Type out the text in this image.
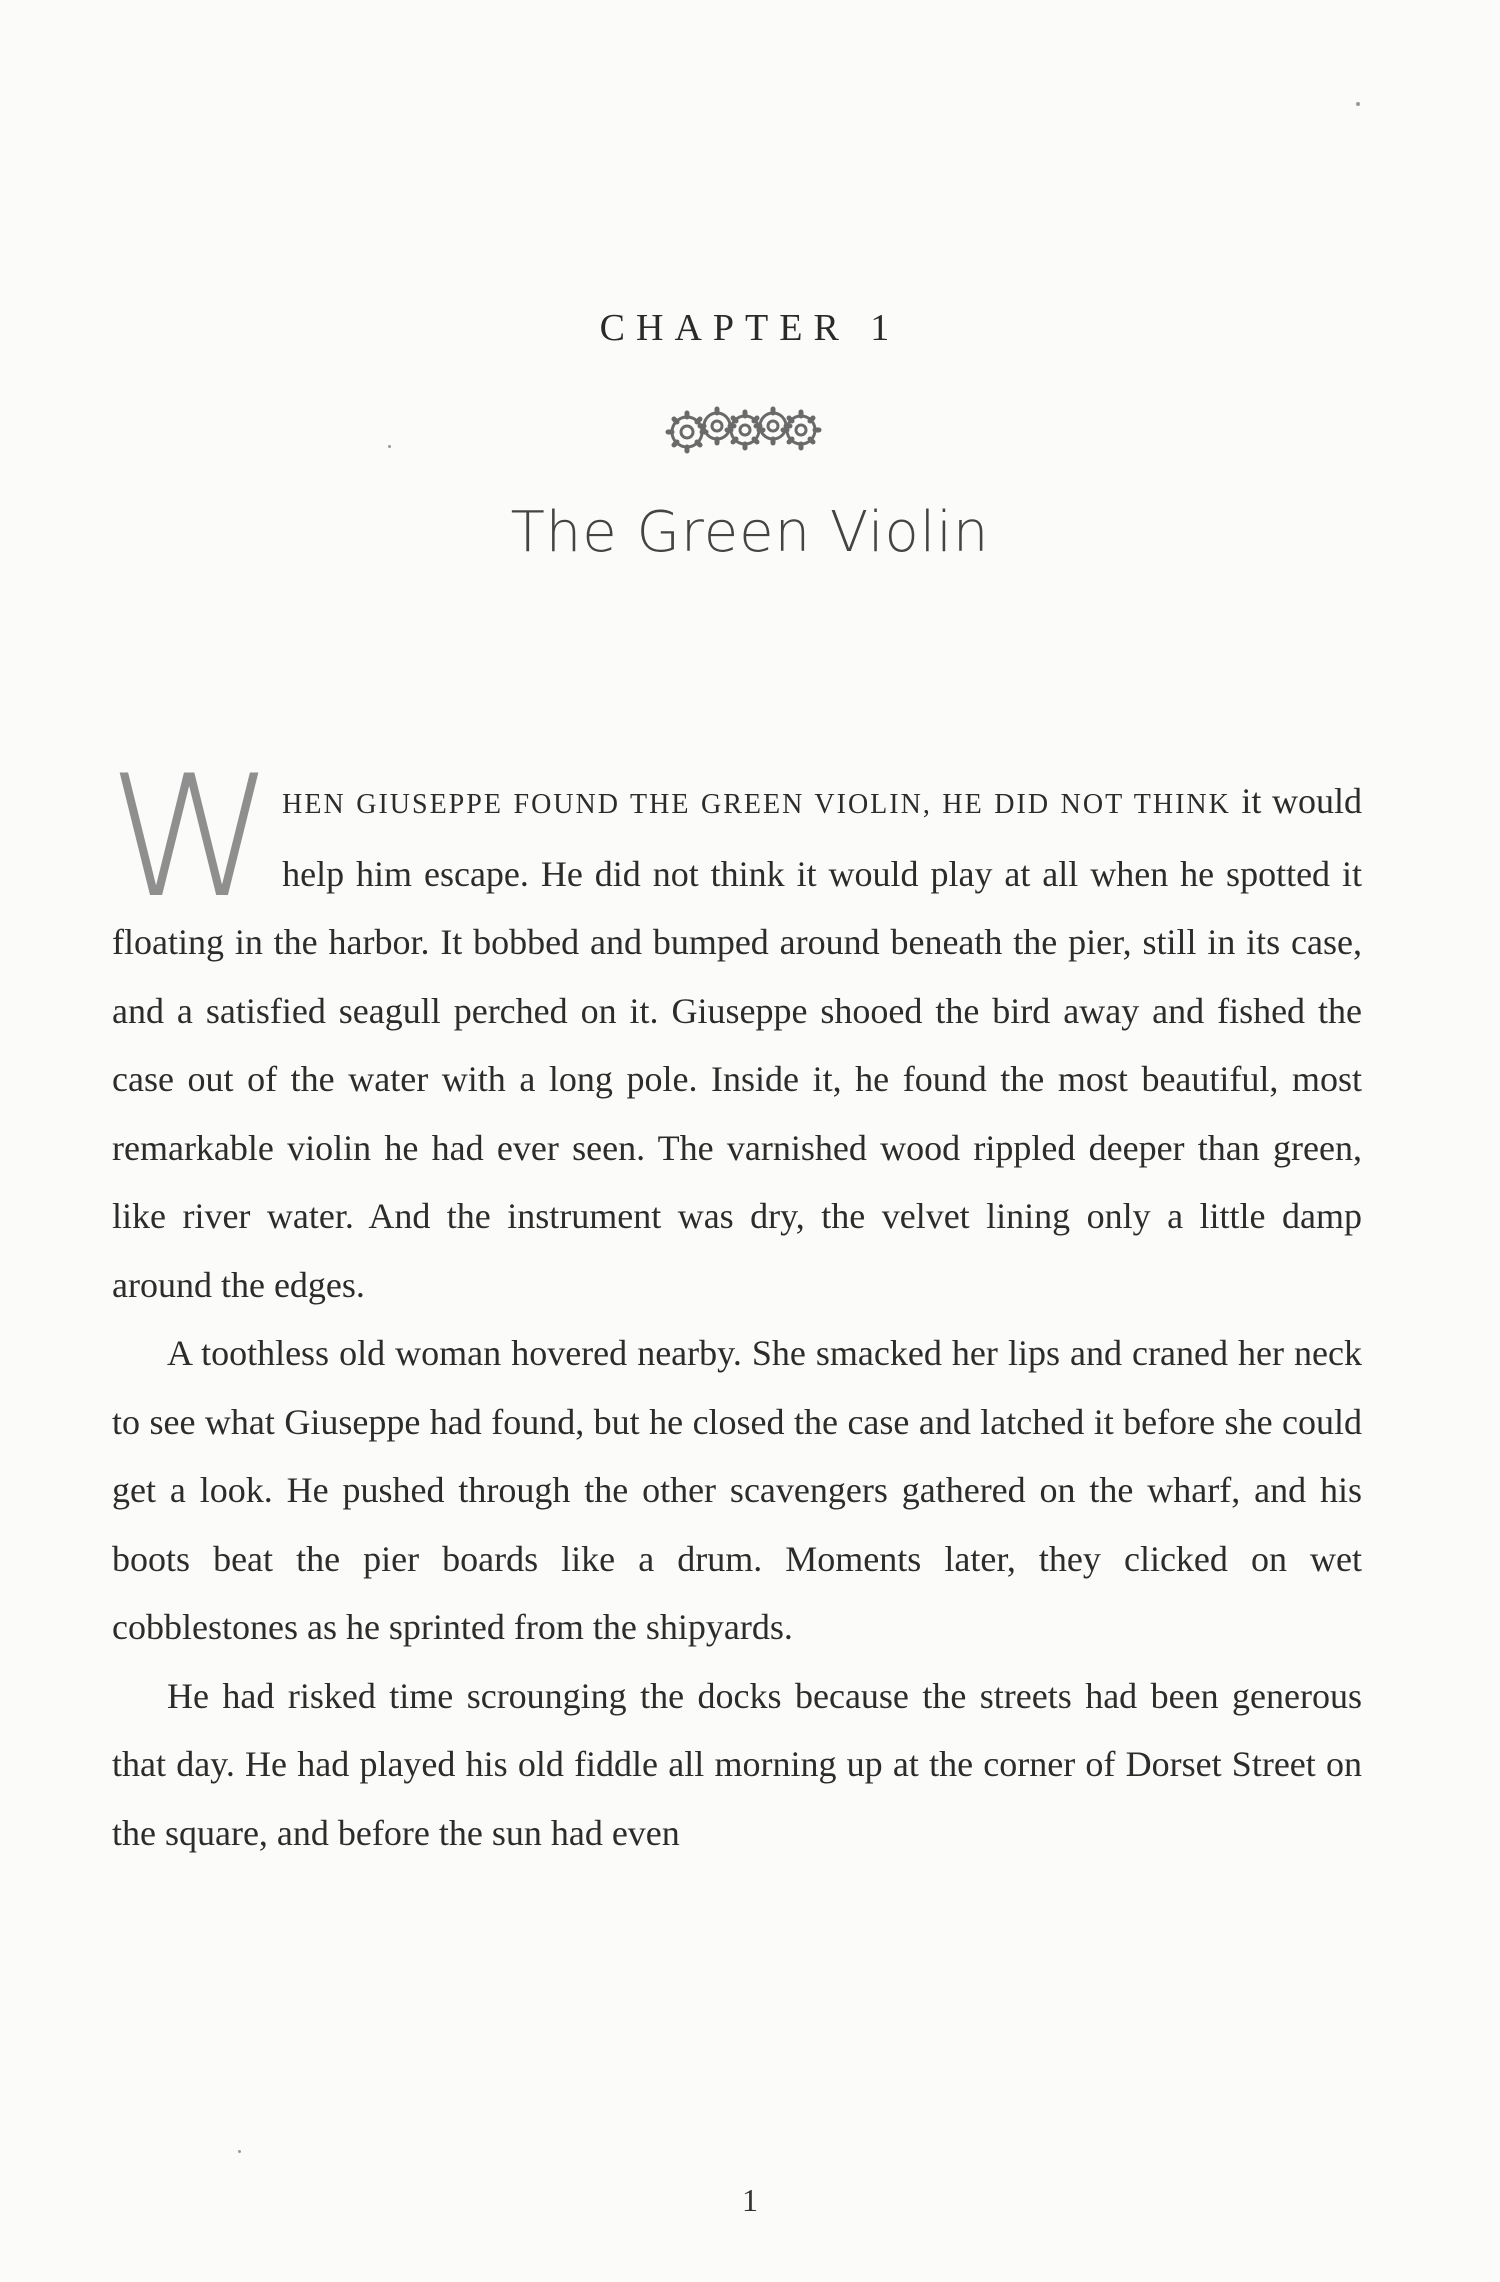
CHAPTER 1
The Green Violin

WHEN GIUSEPPE FOUND THE GREEN VIOLIN, HE DID NOT THINK it would help him escape. He did not think it would play at all when he spotted it floating in the harbor. It bobbed and bumped around beneath the pier, still in its case, and a satisfied seagull perched on it. Giuseppe shooed the bird away and fished the case out of the water with a long pole. Inside it, he found the most beautiful, most remarkable violin he had ever seen. The varnished wood rippled deeper than green, like river water. And the instrument was dry, the velvet lining only a little damp around the edges.

A toothless old woman hovered nearby. She smacked her lips and craned her neck to see what Giuseppe had found, but he closed the case and latched it before she could get a look. He pushed through the other scavengers gathered on the wharf, and his boots beat the pier boards like a drum. Moments later, they clicked on wet cobblestones as he sprinted from the shipyards.

He had risked time scrounging the docks because the streets had been generous that day. He had played his old fiddle all morning up at the corner of Dorset Street on the square, and before the sun had even

1
